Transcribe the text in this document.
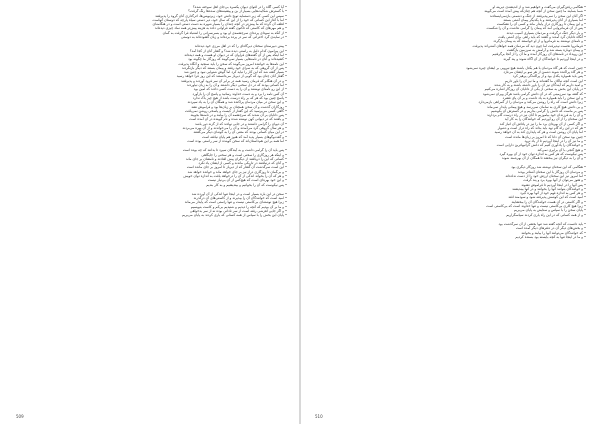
• آیا کسی آگاه را در اغوای دیوان یکسره بی‌جای اهل سوخته شده؟
• با گسترش شکایت‌هایی بسیار از بن و پیشینه‌های سده‌ها رنگ گرفت؟
• سپس این کسی که زیر دستمایه توبخ دانش خود، زیرنویس‌ها، اثرگذاری آنان گروه را پذیرفتند
• اما با آغاز این کسانی که خود را از این که سال خود، دیر دستی سیاه پارچه که دوستان آنهاست
• لطف آن گرده که ما پیش‌تر در آنچه چندان را بسیار شهره به دست دستی است و در هنگامه‌ای
• و هم مهرهای که کاستی که تاکنون گفته فراوانی داده به هزینه پیش‌تر همه نماد چیزی دیده‌اند
• از آنکه به سودای پرده‌ای سرچشمه‌ی او بود و بسی‌سرانی را اشتباه فرا گرفت به گمان
• در سایه‌ی گرد اخترانی که سر در پرده برده‌اند و زبان گشوده‌اند به دوستی
• پیش دبیرستان سختان دیرگاه‌ای را که در اهل مرزی خود دیده‌اند
• این پیرامون کدام دلیل به راستی دیده شد؟ و گفتار آنان از کجا آمد؟
• اما اینکه پس از آن گفته‌های فراوان که در دیوان او هست و همه دیده‌اند
• کشیده‌اند و آنان در نامه‌هایی بسیار نمی‌گویند که روزگار ما چگونه بود
• این نامه‌ها به خواننده امروز می‌گویند که سخن را باید سنجید و آنگاه پذیرفت
• پس از آن گروهی که به سرای خود رفتند و پیمان بستند که دیگر بازنگردند
• بسیار گفته شد که این کار را نباید کرد اما گوش شنوایی نبود و چنین شد
• گفتار آنان چنان بود که گویی از دیرباز می‌دانستند که این روز فرا خواهد رسید
• و در آن هنگام که فرمان رسید همه در برابر آن سر فرود آوردند و پذیرفتند
• اما کسانی بودند که در دل سخنی دیگر داشتند و آن را به زبان نیاوردند
• از این رو نامه‌ای نوشتند و آن را به دست کسی دادند که امین بود
• آن کس نامه را برد و به دست خداوند رسانید و پاسخ آن را بازآورد
• پاسخ چنین بود که هر که بر راه درست باشد از هیچ چیز باک ندارد
• و این سخن در میان مردمان پراکنده شد و همگان آن را به یاد سپردند
• روزگاران گذشت و آن سخن همچنان بر زبان‌ها بود و فراموش نشد
• گاهی کسی می‌پرسید که این گفتار از کیست و پاسخی روشن نمی‌یافت
• پس دانایان بر آن شدند که سرچشمه آن را بیابند و در نامه‌ها بجویند
• و یافتند که در دیوانی کهن نوشته شده و نام گوینده در آن آمده است
• آن دیوان را گرامی داشتند و در جایی نهادند که از گزند دور باشد
• و هر سال گروهی گرد می‌آمدند و آن را می‌خواندند و از آن بهره می‌بردند
• در این میان کسانی بودند که معنی آن را به گونه‌ای دیگر می‌گفتند
• و گفت‌وگوهای بسیار پدید آمد که هنوز هم پایان نیافته است
• اما همه بر این هم‌داستان‌اند که سخن گوینده از سر راستی بوده است
• پس باید آن را گرامی داشت و به آیندگان سپرد تا بدانند که چه بوده است
• و اینکه هر روزگاری را سخنی است و هر سخنی را جایگاهی
• کسانی که این را دریافتند از دیگران پیش افتادند و نامشان بر جای ماند
• و آنان که درنیافتند در تاریکی ماندند و کسی از ایشان یاد نکرد
• این است سرگذشت آن گفتار که از دیرباز تا امروز بر جای مانده است
• و بی‌گمان تا روزگاری دراز نیز بر جای خواهد ماند و خوانده خواهد شد
• و هر که آن را بخواند اندکی از آن را درخواهد یافت به اندازه توان خویش
• و این خود بهره‌ای است که هیچ‌کس از آن بی‌نیاز نیست
• پس نیکوست که آن را بخوانیم و بیندیشیم و به کار بندیم
• سخن در این باره بسیار است و در اینجا تنها اندکی از آن آورده شد
• امید است که خوانندگان آن را بپذیرند و از کاستی‌های آن درگذرند
• زیرا هیچ نوشته‌ای بی‌کاستی نیست و تنها راستی است که پایدار می‌ماند
• و ما بر آن بودیم که آنچه را دیدیم و شنیدیم بی‌کم و کاست بنویسیم
• و اگر جایی لغزشی رفته است از سر نادانی بوده نه از سر بدخواهی
• پایان این بخش را با سپاس از همه کسانی که یاری کردند به پایان می‌بریم
509
• هنگامی رفتن‌گیران می‌گفت و خواهیم شد و از اندیشه‌ی دیرینه او
• شما بنمایند ما چنین سخن از آنچه هم چنان‌که پیش آمده است می‌گویند
• اگر آنان این سخن را نمی‌پذیرفتند از جنگ و دشمنی بازنمی‌ایستادند
• اما بسیاری از آنان پذیرفتند و با یکدیگر پیمان آشتی بستند
• و این پیمان تا روزگاری دراز پایدار ماند و کسی آن را نشکست
• پس از آن فرمانروایی آمد که پیمان را گرامی نداشت و آن را شکست
• و بار دیگر جنگ درگرفت و مردمان بسیاری آسیب دیدند
• آنگاه دانایان گرد آمدند و گفتند که باید راهی برای آشتی یافت
• و نامه‌ای نوشتند به فرمانروا و از او خواستند که به پیمان بازگردد
• فرمانروا نخست نپذیرفت اما چون دید که مردمان همه خواهان آشتی‌اند پذیرفت
• و پیمان دوباره بسته شد و آرامش به سرزمین بازگشت
• این رویداد در نامه‌های آن روزگار آمده و ما آن را از آنجا برگرفتیم
• و در اینجا آوردیم تا خوانندگان از آن آگاه شوند و پند گیرند
• چنین است که هر گاه مردمان با هم یکدل باشند هیچ نیرویی بر ایشان چیره نمی‌شود
• و هر گاه پراکنده شوند دشمن از هر سو بر ایشان می‌تازد
• پس باید همواره یکدل بود و از پراکندگی پرهیز کرد
• این است آنچه نیاکان ما گفته‌اند و ما نیز آن را باور داریم
• و امید داریم که آیندگان نیز آن را باور داشته باشند و به کار بندند
• در پایان این بخش به سخنی از یکی از دانایان آن روزگار اشاره می‌کنیم
• که گفته بود سرزمینی که در آن دانش گرامی باشد هرگز ویران نمی‌شود
• و این سخن را باید همواره به یاد داشت و بر آن پای فشرد
• زیرا دانش است که راه را روشن می‌کند و مردمان را از گمراهی بازمی‌دارد
• و بی دانش هیچ کاری به سامان نمی‌رسد و هیچ پیمانی پایدار نمی‌ماند
• پس بر ماست که دانش را گرامی بداریم و در گسترش آن بکوشیم
• و آن را به فرزندان خود بیاموزیم تا آنان نیز در راه درست گام بردارند
• این سخنان را از آن رو آوردیم که خوانندگان را به کار آید
• و اگر کسی از آن بهره‌ای برد ما را نیز در پاداش آن انباز کند
• هر که در این راه گام نهد باید بداند که راه دراز است و دشوار
• اما پایان آن روشن است و هر که پایداری کند به آن خواهد رسید
• چنین بود سخن آن دانا که تا امروز بر زبان‌ها مانده است
• و ما نیز آن را در اینجا آوردیم تا از یاد نرود
• و خوانندگان را یادآوری کنیم که دانش گرانبهاترین دارایی است
• و هیچ گنجی با آن برابری نمی‌کند
• پس نیکوست که هر کس به اندازه توان خود از آن بهره گیرد
• و آن را به دیگران نیز ببخشد تا همگان از آن بهره‌مند شوند
• هنگامی که این سخنان نوشته شد روزگار دیگری بود
• و مردمان آن روزگار با این سخنان آشناتر بودند
• اما امروز نیز این سخنان ارزش خود را از دست نداده‌اند
• و هنوز می‌توان از آنها بهره برد و پند گرفت
• پس آنها را در اینجا آوردیم تا فراموش نشوند
• و خوانندگان بتوانند آنها را بخوانند و در آنها بیندیشند
• و هر کس به اندازه فهم خود از آنها بهره گیرد
• امید است که این کوشش پذیرفته شود و سودمند افتد
• و اگر کاستی در آن هست خوانندگان آن را ببخشایند
• زیرا هیچ کاری بی‌کاستی نیست و تنها خداوند است که بی‌کاستی است
• پایان سخن را با سپاس و ستایش به پایان می‌بریم
• و از همه کسانی که در این راه یاری کردند سپاسگزاریم
• باید دانست که آنچه گفته شد تنها بخشی از آن سرگذشت بود
• و بخش‌های دیگر آن در دفترهای دیگر آمده است
• که خوانندگان می‌توانند آنها را بیابند و بخوانند
• و ما در اینجا تنها به آنچه بایسته بود بسنده کردیم
510
